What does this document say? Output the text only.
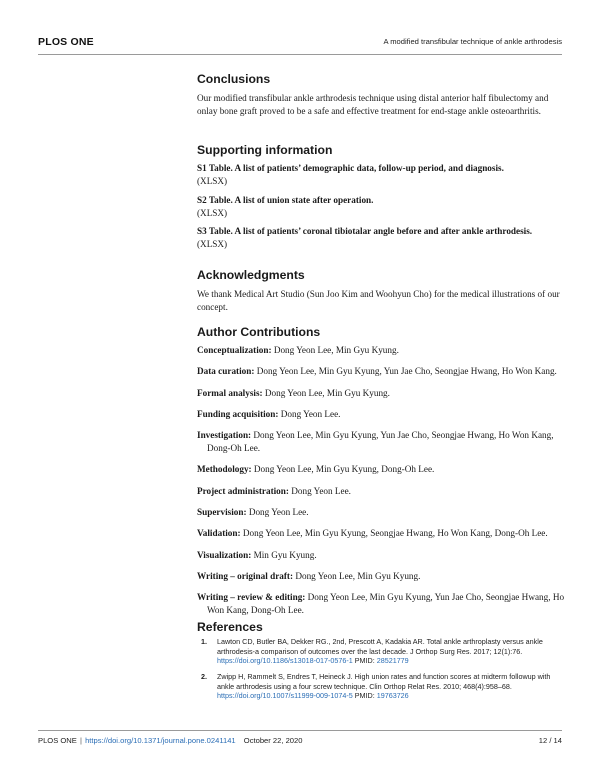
PLOS ONE	A modified transfibular technique of ankle arthrodesis
Conclusions
Our modified transfibular ankle arthrodesis technique using distal anterior half fibulectomy and onlay bone graft proved to be a safe and effective treatment for end-stage ankle osteoarthritis.
Supporting information
S1 Table. A list of patients’ demographic data, follow-up period, and diagnosis.
(XLSX)
S2 Table. A list of union state after operation.
(XLSX)
S3 Table. A list of patients’ coronal tibiotalar angle before and after ankle arthrodesis.
(XLSX)
Acknowledgments
We thank Medical Art Studio (Sun Joo Kim and Woohyun Cho) for the medical illustrations of our concept.
Author Contributions
Conceptualization: Dong Yeon Lee, Min Gyu Kyung.
Data curation: Dong Yeon Lee, Min Gyu Kyung, Yun Jae Cho, Seongjae Hwang, Ho Won Kang.
Formal analysis: Dong Yeon Lee, Min Gyu Kyung.
Funding acquisition: Dong Yeon Lee.
Investigation: Dong Yeon Lee, Min Gyu Kyung, Yun Jae Cho, Seongjae Hwang, Ho Won Kang, Dong-Oh Lee.
Methodology: Dong Yeon Lee, Min Gyu Kyung, Dong-Oh Lee.
Project administration: Dong Yeon Lee.
Supervision: Dong Yeon Lee.
Validation: Dong Yeon Lee, Min Gyu Kyung, Seongjae Hwang, Ho Won Kang, Dong-Oh Lee.
Visualization: Min Gyu Kyung.
Writing – original draft: Dong Yeon Lee, Min Gyu Kyung.
Writing – review & editing: Dong Yeon Lee, Min Gyu Kyung, Yun Jae Cho, Seongjae Hwang, Ho Won Kang, Dong-Oh Lee.
References
1. Lawton CD, Butler BA, Dekker RG., 2nd, Prescott A, Kadakia AR. Total ankle arthroplasty versus ankle arthrodesis-a comparison of outcomes over the last decade. J Orthop Surg Res. 2017; 12(1):76. https://doi.org/10.1186/s13018-017-0576-1 PMID: 28521779
2. Zwipp H, Rammelt S, Endres T, Heineck J. High union rates and function scores at midterm followup with ankle arthrodesis using a four screw technique. Clin Orthop Relat Res. 2010; 468(4):958–68. https://doi.org/10.1007/s11999-009-1074-5 PMID: 19763726
PLOS ONE | https://doi.org/10.1371/journal.pone.0241141 October 22, 2020	12 / 14
